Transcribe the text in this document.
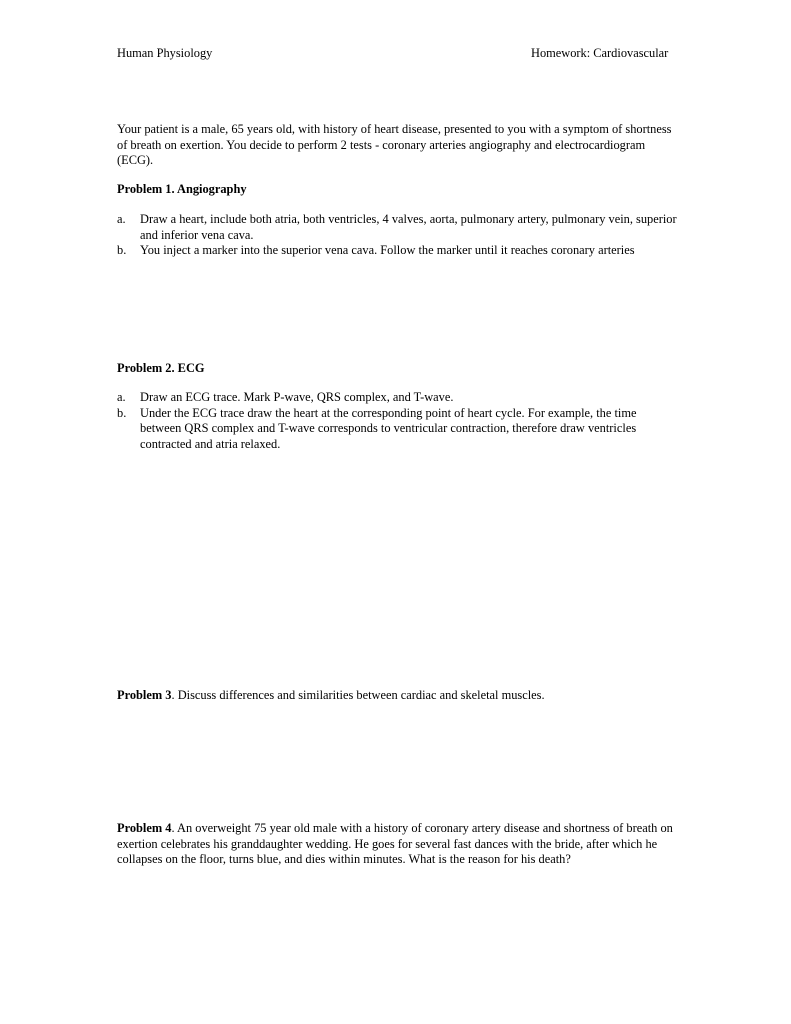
Human Physiology	Homework: Cardiovascular

Your patient is a male, 65 years old, with history of heart disease, presented to you with a symptom of shortness of breath on exertion. You decide to perform 2 tests - coronary arteries angiography and electrocardiogram (ECG).

Problem 1. Angiography
a. Draw a heart, include both atria, both ventricles, 4 valves, aorta, pulmonary artery, pulmonary vein, superior and inferior vena cava.
b. You inject a marker into the superior vena cava. Follow the marker until it reaches coronary arteries
Problem 2. ECG
a. Draw an ECG trace. Mark P-wave, QRS complex, and T-wave.
b. Under the ECG trace draw the heart at the corresponding point of heart cycle. For example, the time between QRS complex and T-wave corresponds to ventricular contraction, therefore draw ventricles contracted and atria relaxed.

Problem 3. Discuss differences and similarities between cardiac and skeletal muscles.

Problem 4. An overweight 75 year old male with a history of coronary artery disease and shortness of breath on exertion celebrates his granddaughter wedding. He goes for several fast dances with the bride, after which he collapses on the floor, turns blue, and dies within minutes. What is the reason for his death?
